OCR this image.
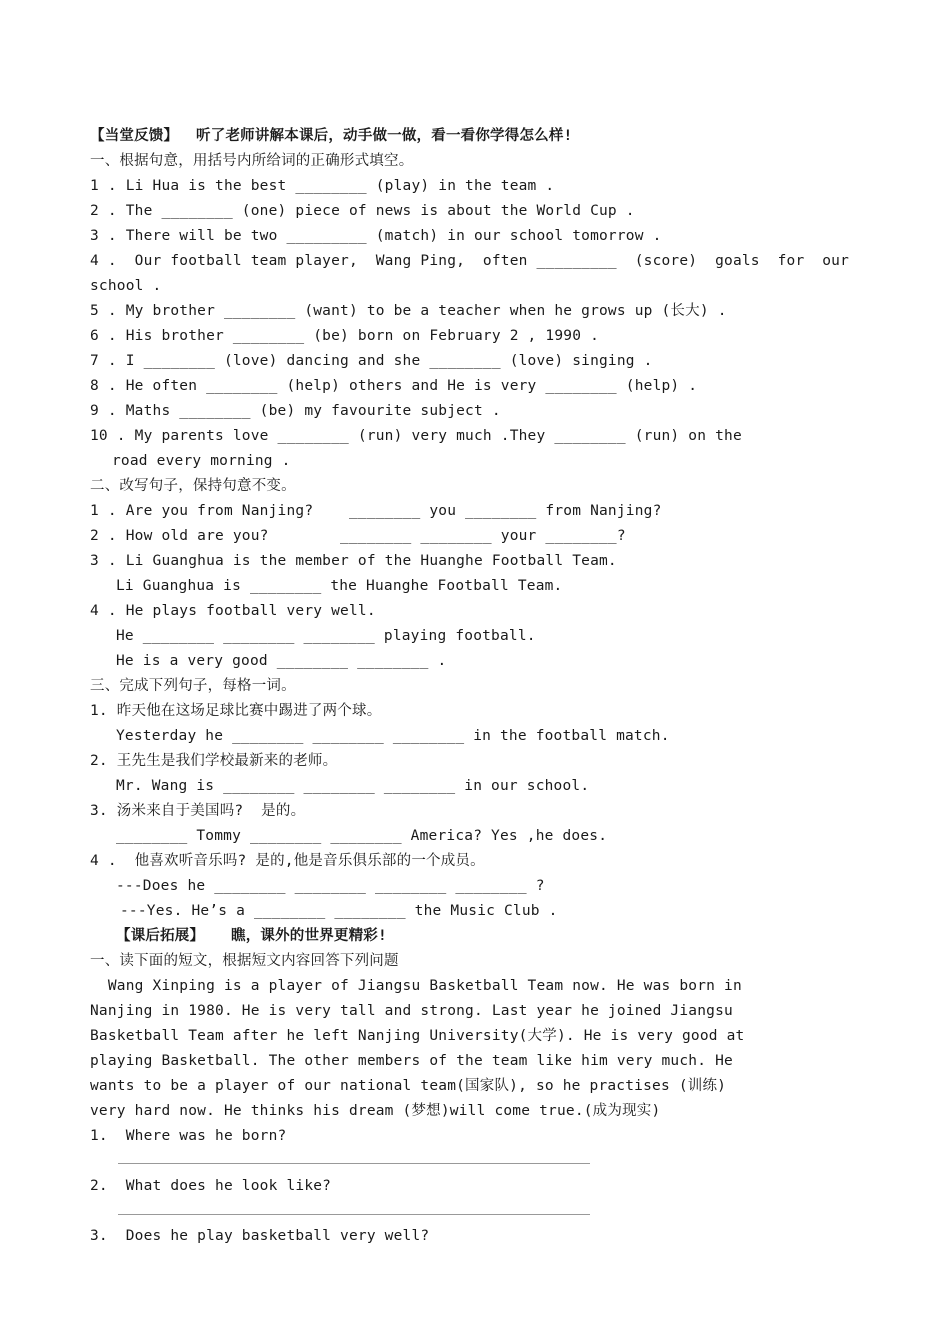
【当堂反馈】  听了老师讲解本课后，动手做一做，看一看你学得怎么样!
一、根据句意，用括号内所给词的正确形式填空。
1 . Li Hua is the best ________ (play) in the team .
2 . The ________ (one) piece of news is about the World Cup .
3 . There will be two _________ (match) in our school tomorrow .
4 .  Our football team player,  Wang Ping,  often _________  (score)  goals  for  our
school .
5 . My brother ________ (want) to be a teacher when he grows up (长大) .
6 . His brother ________ (be) born on February 2 , 1990 .
7 . I ________ (love) dancing and she ________ (love) singing .
8 . He often ________ (help) others and He is very ________ (help) .
9 . Maths ________ (be) my favourite subject .
10 . My parents love ________ (run) very much .They ________ (run) on the
road every morning .
二、改写句子，保持句意不变。
1 . Are you from Nanjing?    ________ you ________ from Nanjing?
2 . How old are you?        ________ ________ your ________?
3 . Li Guanghua is the member of the Huanghe Football Team.
Li Guanghua is ________ the Huanghe Football Team.
4 . He plays football very well.
He ________ ________ ________ playing football.
He is a very good ________ ________ .
三、完成下列句子，每格一词。
1. 昨天他在这场足球比赛中踢进了两个球。
Yesterday he ________ ________ ________ in the football match.
2. 王先生是我们学校最新来的老师。
Mr. Wang is ________ ________ ________ in our school.
3. 汤米来自于美国吗?  是的。
________ Tommy ________ ________ America? Yes ,he does.
4 .  他喜欢听音乐吗? 是的,他是音乐俱乐部的一个成员。
---Does he ________ ________ ________ ________ ?
---Yes. He’s a ________ ________ the Music Club .
【课后拓展】   瞧，课外的世界更精彩!
一、读下面的短文，根据短文内容回答下列问题
Wang Xinping is a player of Jiangsu Basketball Team now. He was born in
Nanjing in 1980. He is very tall and strong. Last year he joined Jiangsu
Basketball Team after he left Nanjing University(大学). He is very good at
playing Basketball. The other members of the team like him very much. He
wants to be a player of our national team(国家队), so he practises (训练)
very hard now. He thinks his dream (梦想)will come true.(成为现实)
1.  Where was he born?
2.  What does he look like?
3.  Does he play basketball very well?
